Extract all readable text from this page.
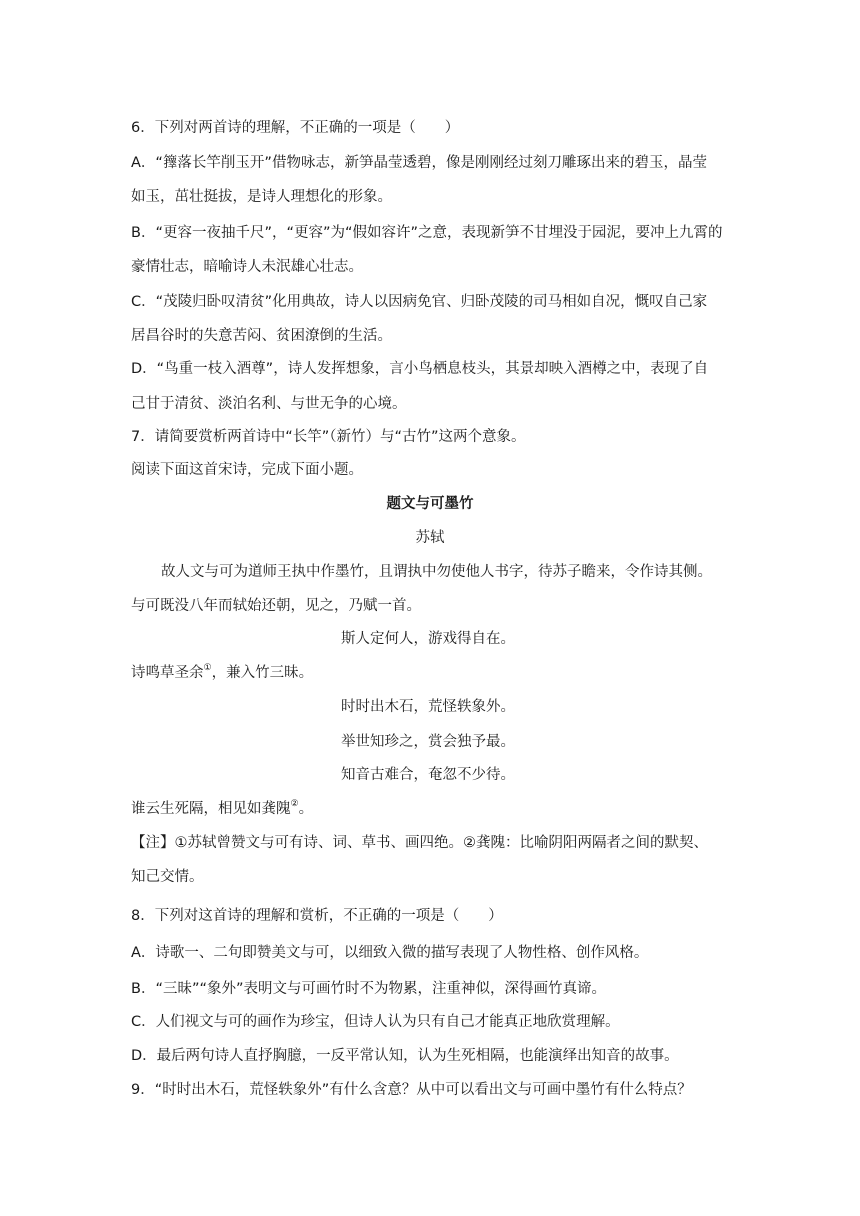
6．下列对两首诗的理解，不正确的一项是（　　）
A．“籜落长竿削玉开”借物咏志，新笋晶莹透碧，像是刚刚经过刻刀雕琢出来的碧玉，晶莹
如玉，茁壮挺拔，是诗人理想化的形象。
B．“更容一夜抽千尺”，“更容”为“假如容许”之意，表现新笋不甘埋没于园泥，要冲上九霄的
豪情壮志，暗喻诗人未泯雄心壮志。
C．“茂陵归卧叹清贫”化用典故，诗人以因病免官、归卧茂陵的司马相如自况，慨叹自己家
居昌谷时的失意苦闷、贫困潦倒的生活。
D．“鸟重一枝入酒尊”，诗人发挥想象，言小鸟栖息枝头，其景却映入酒樽之中，表现了自
己甘于清贫、淡泊名利、与世无争的心境。
7．请简要赏析两首诗中“长竿”（新竹）与“古竹”这两个意象。
阅读下面这首宋诗，完成下面小题。
题文与可墨竹
苏轼
故人文与可为道师王执中作墨竹，且谓执中勿使他人书字，待苏子瞻来，令作诗其侧。
与可既没八年而轼始还朝，见之，乃赋一首。
斯人定何人，游戏得自在。
诗鸣草圣余①，兼入竹三昧。
时时出木石，荒怪轶象外。
举世知珍之，赏会独予最。
知音古难合，奄忽不少待。
谁云生死隔，相见如龚隗②。
【注】①苏轼曾赞文与可有诗、词、草书、画四绝。②龚隗：比喻阴阳两隔者之间的默契、
知己交情。
8．下列对这首诗的理解和赏析，不正确的一项是（　　）
A．诗歌一、二句即赞美文与可，以细致入微的描写表现了人物性格、创作风格。
B．“三昧”“象外”表明文与可画竹时不为物累，注重神似，深得画竹真谛。
C．人们视文与可的画作为珍宝，但诗人认为只有自己才能真正地欣赏理解。
D．最后两句诗人直抒胸臆，一反平常认知，认为生死相隔，也能演绎出知音的故事。
9．“时时出木石，荒怪轶象外”有什么含意？从中可以看出文与可画中墨竹有什么特点？
